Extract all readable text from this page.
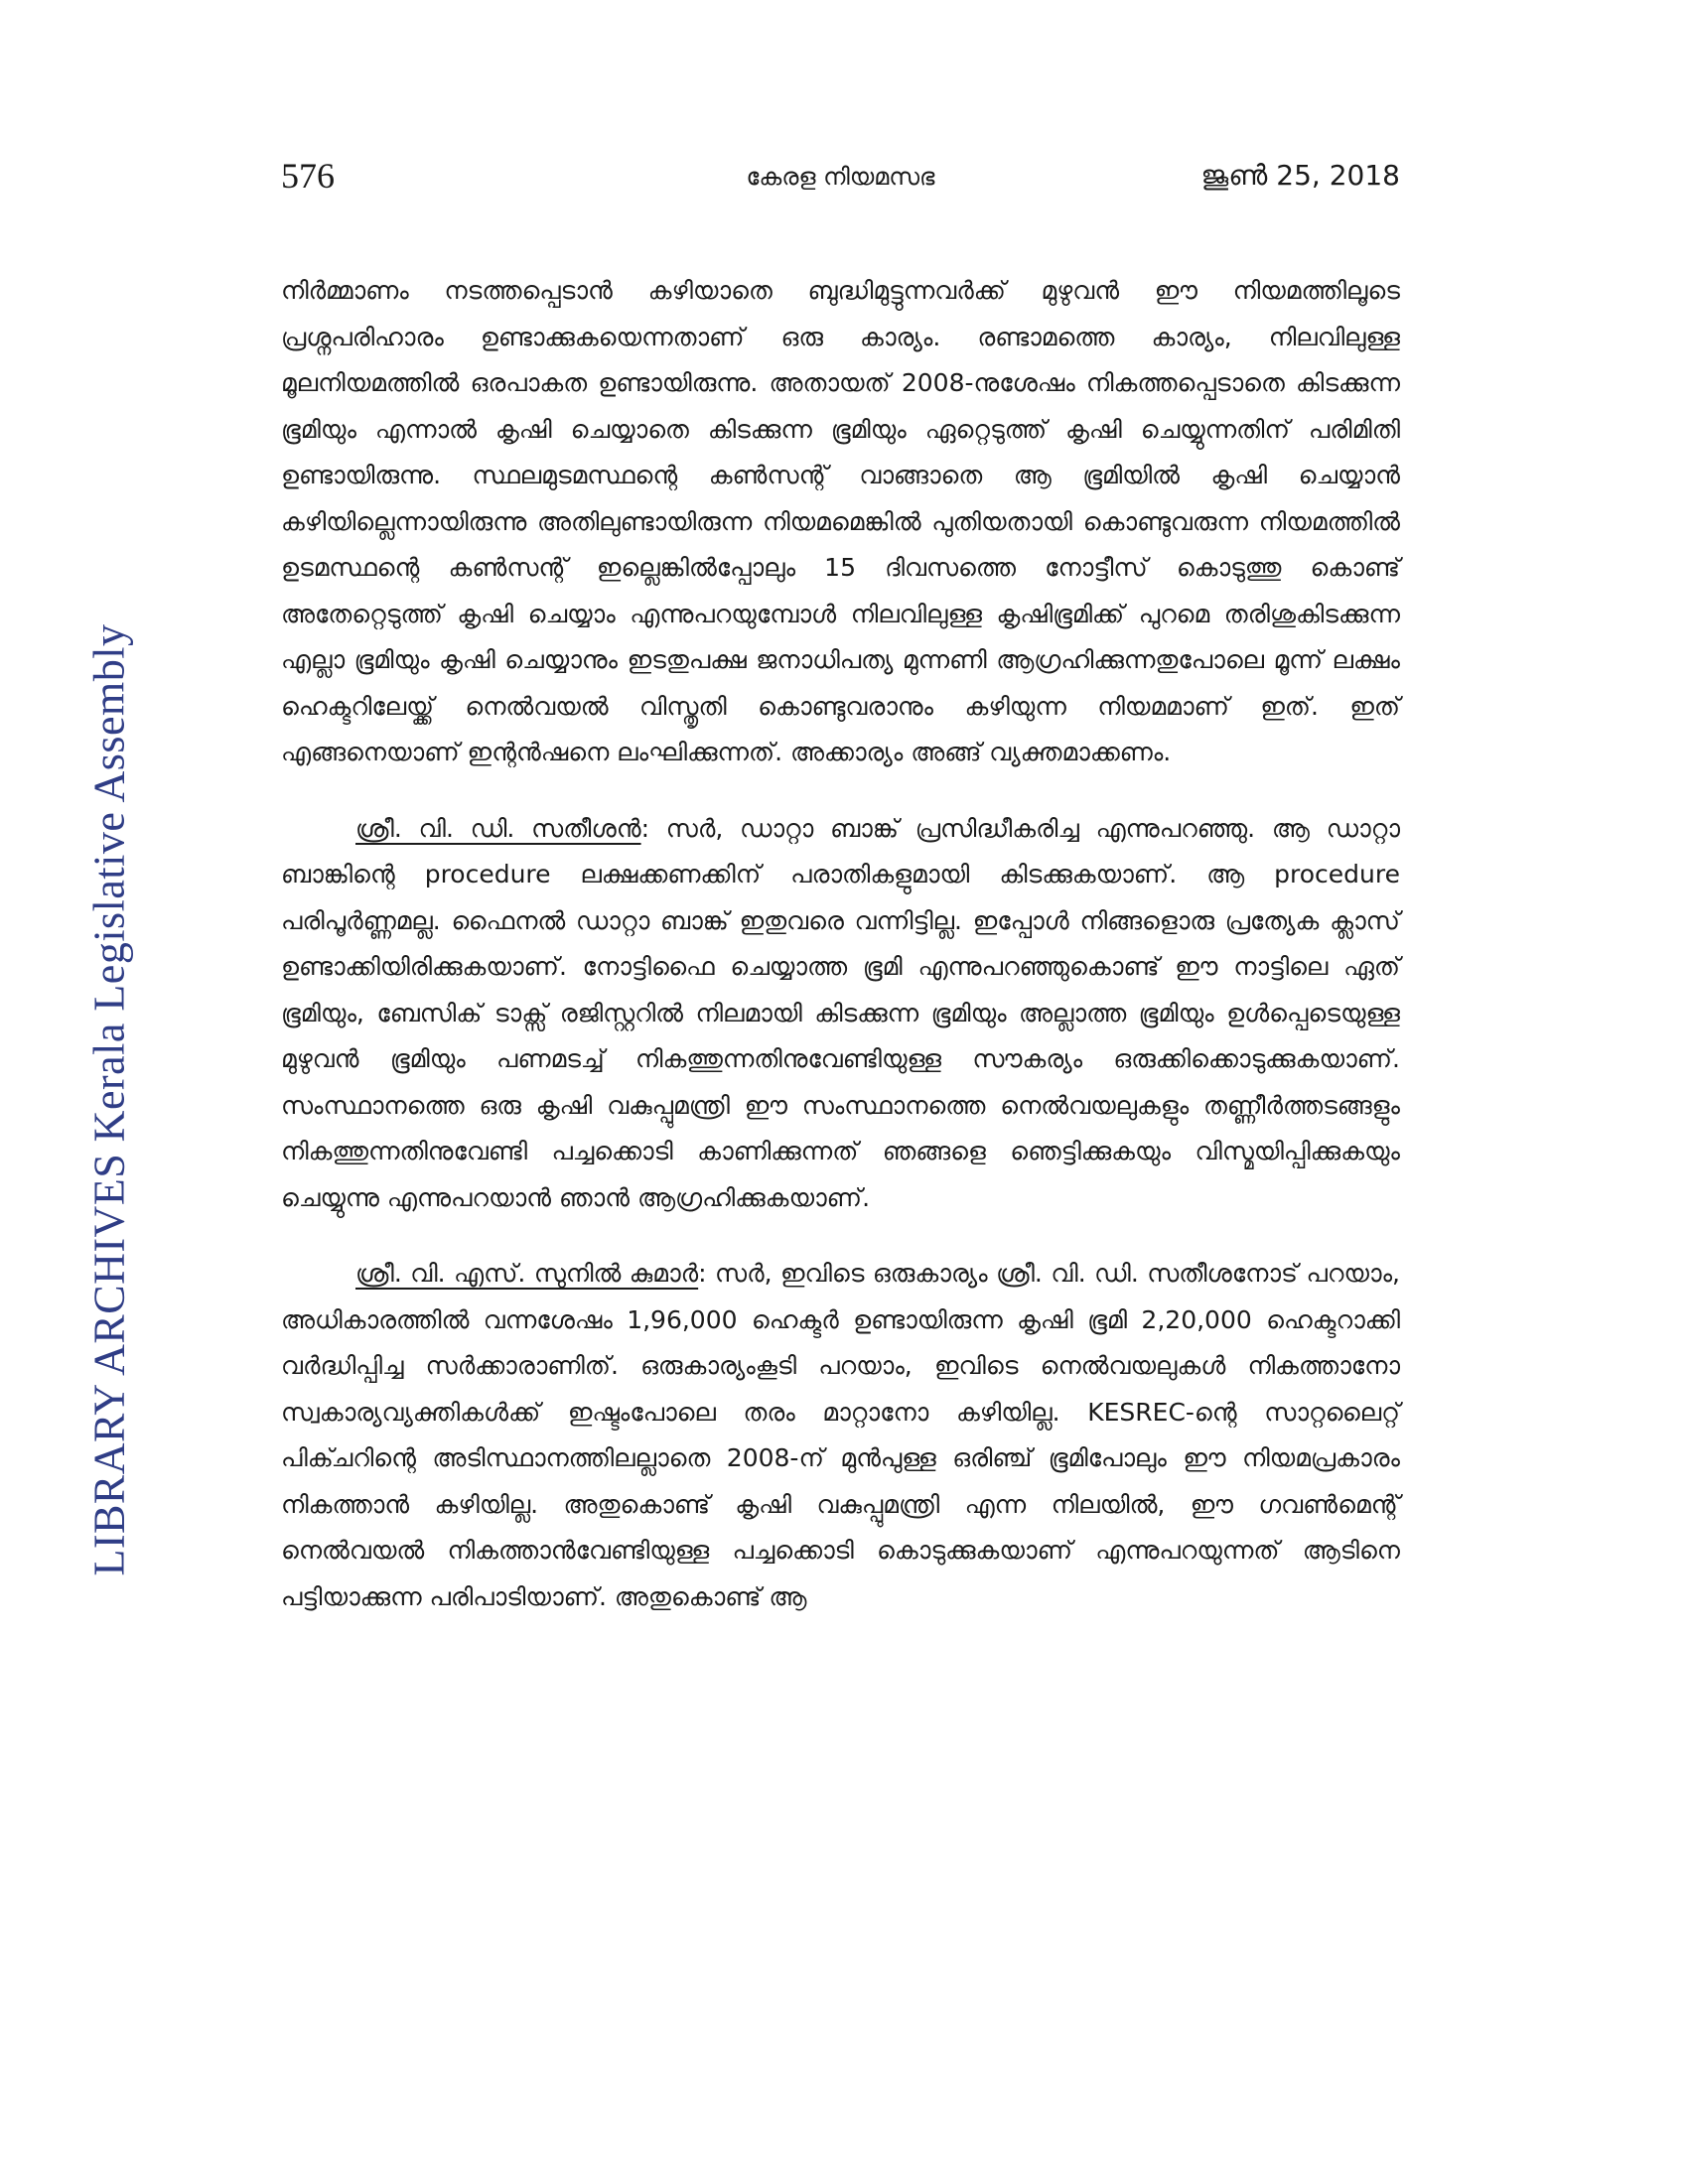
576	കേരള നിയമസഭ	ജൂൺ 25, 2018
LIBRARY ARCHIVES Kerala Legislative Assembly

നിർമ്മാണം നടത്തപ്പെടാൻ കഴിയാതെ ബുദ്ധിമുട്ടുന്നവർക്ക് മുഴുവൻ ഈ നിയമത്തിലൂടെ പ്രശ്നപരിഹാരം ഉണ്ടാക്കുകയെന്നതാണ് ഒരു കാര്യം. രണ്ടാമത്തെ കാര്യം, നിലവിലുള്ള മൂലനിയമത്തിൽ ഒരപാകത ഉണ്ടായിരുന്നു. അതായത് 2008-നുശേഷം നികത്തപ്പെടാതെ കിടക്കുന്ന ഭൂമിയും എന്നാൽ കൃഷി ചെയ്യാതെ കിടക്കുന്ന ഭൂമിയും ഏറ്റെടുത്ത് കൃഷി ചെയ്യുന്നതിന് പരിമിതി ഉണ്ടായിരുന്നു. സ്ഥലമുടമസ്ഥന്റെ കൺസന്റ് വാങ്ങാതെ ആ ഭൂമിയിൽ കൃഷി ചെയ്യാൻ കഴിയില്ലെന്നായിരുന്നു അതിലുണ്ടായിരുന്ന നിയമമെങ്കിൽ പുതിയതായി കൊണ്ടുവരുന്ന നിയമത്തിൽ ഉടമസ്ഥന്റെ കൺസന്റ് ഇല്ലെങ്കിൽപ്പോലും 15 ദിവസത്തെ നോട്ടീസ് കൊടുത്തു കൊണ്ട് അതേറ്റെടുത്ത് കൃഷി ചെയ്യാം എന്നുപറയുമ്പോൾ നിലവിലുള്ള കൃഷിഭൂമിക്ക് പുറമെ തരിശുകിടക്കുന്ന എല്ലാ ഭൂമിയും കൃഷി ചെയ്യാനും ഇടതുപക്ഷ ജനാധിപത്യ മുന്നണി ആഗ്രഹിക്കുന്നതുപോലെ മൂന്ന് ലക്ഷം ഹെക്ടറിലേയ്ക്ക് നെൽവയൽ വിസ്തൃതി കൊണ്ടുവരാനും കഴിയുന്ന നിയമമാണ് ഇത്. ഇത് എങ്ങനെയാണ് ഇന്റൻഷനെ ലംഘിക്കുന്നത്. അക്കാര്യം അങ്ങ് വ്യക്തമാക്കണം.

ശ്രീ. വി. ഡി. സതീശൻ: സർ, ഡാറ്റാ ബാങ്ക് പ്രസിദ്ധീകരിച്ച എന്നുപറഞ്ഞു. ആ ഡാറ്റാ ബാങ്കിന്റെ procedure ലക്ഷക്കണക്കിന് പരാതികളുമായി കിടക്കുകയാണ്. ആ procedure പരിപൂർണ്ണമല്ല. ഫൈനൽ ഡാറ്റാ ബാങ്ക് ഇതുവരെ വന്നിട്ടില്ല. ഇപ്പോൾ നിങ്ങളൊരു പ്രത്യേക ക്ലാസ് ഉണ്ടാക്കിയിരിക്കുകയാണ്. നോട്ടിഫൈ ചെയ്യാത്ത ഭൂമി എന്നുപറഞ്ഞുകൊണ്ട് ഈ നാട്ടിലെ ഏത് ഭൂമിയും, ബേസിക് ടാക്സ് രജിസ്റ്ററിൽ നിലമായി കിടക്കുന്ന ഭൂമിയും അല്ലാത്ത ഭൂമിയും ഉൾപ്പെടെയുള്ള മുഴുവൻ ഭൂമിയും പണമടച്ച് നികത്തുന്നതിനുവേണ്ടിയുള്ള സൗകര്യം ഒരുക്കിക്കൊടുക്കുകയാണ്. സംസ്ഥാനത്തെ ഒരു കൃഷി വകുപ്പുമന്ത്രി ഈ സംസ്ഥാനത്തെ നെൽവയലുകളും തണ്ണീർത്തടങ്ങളും നികത്തുന്നതിനുവേണ്ടി പച്ചക്കൊടി കാണിക്കുന്നത് ഞങ്ങളെ ഞെട്ടിക്കുകയും വിസ്മയിപ്പിക്കുകയും ചെയ്യുന്നു എന്നുപറയാൻ ഞാൻ ആഗ്രഹിക്കുകയാണ്.

ശ്രീ. വി. എസ്. സുനിൽ കുമാർ: സർ, ഇവിടെ ഒരുകാര്യം ശ്രീ. വി. ഡി. സതീശനോട് പറയാം, അധികാരത്തിൽ വന്നശേഷം 1,96,000 ഹെക്ടർ ഉണ്ടായിരുന്ന കൃഷി ഭൂമി 2,20,000 ഹെക്ടറാക്കി വർദ്ധിപ്പിച്ച സർക്കാരാണിത്. ഒരുകാര്യംകൂടി പറയാം, ഇവിടെ നെൽവയലുകൾ നികത്താനോ സ്വകാര്യവ്യക്തികൾക്ക് ഇഷ്ടംപോലെ തരം മാറ്റാനോ കഴിയില്ല. KESREC-ന്റെ സാറ്റലൈറ്റ് പിക്ചറിന്റെ അടിസ്ഥാനത്തിലല്ലാതെ 2008-ന് മുൻപുള്ള ഒരിഞ്ച് ഭൂമിപോലും ഈ നിയമപ്രകാരം നികത്താൻ കഴിയില്ല. അതുകൊണ്ട് കൃഷി വകുപ്പുമന്ത്രി എന്ന നിലയിൽ, ഈ ഗവൺമെന്റ് നെൽവയൽ നികത്താൻവേണ്ടിയുള്ള പച്ചക്കൊടി കൊടുക്കുകയാണ് എന്നുപറയുന്നത് ആടിനെ പട്ടിയാക്കുന്ന പരിപാടിയാണ്. അതുകൊണ്ട് ആ
